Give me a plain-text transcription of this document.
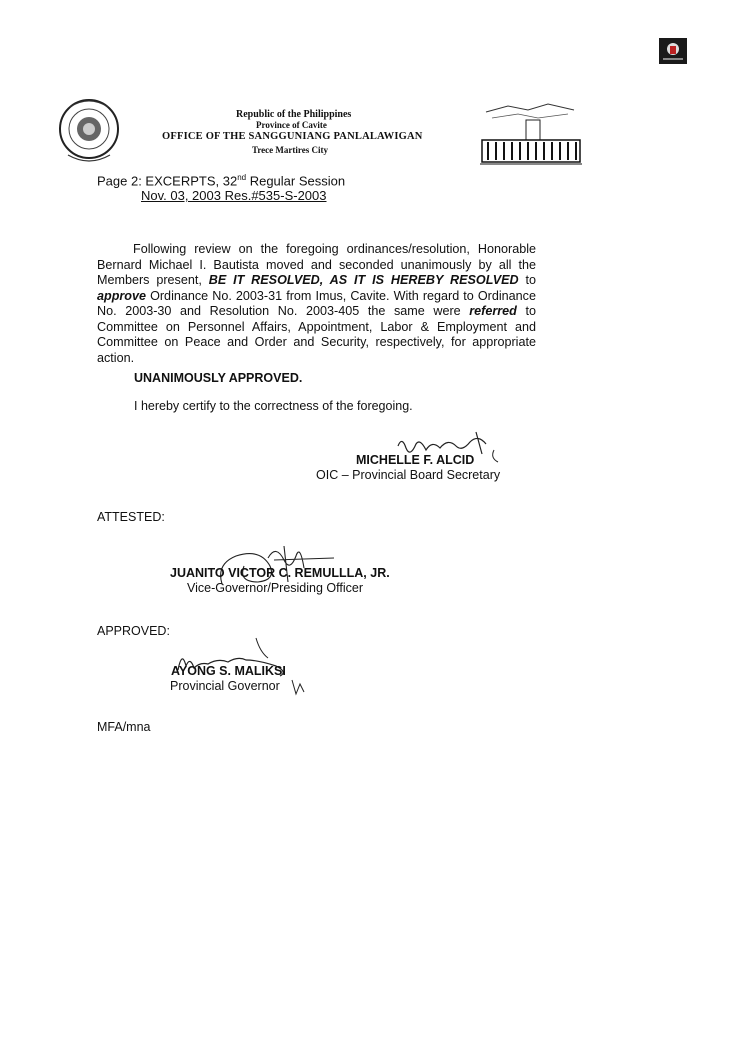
Republic of the Philippines
Province of Cavite
OFFICE OF THE SANGGUNIANG PANLALAWIGAN
Trece Martires City
Page 2: EXCERPTS, 32nd Regular Session
Nov. 03, 2003 Res.#535-S-2003
Following review on the foregoing ordinances/resolution, Honorable Bernard Michael I. Bautista moved and seconded unanimously by all the Members present, BE IT RESOLVED, AS IT IS HEREBY RESOLVED to approve Ordinance No. 2003-31 from Imus, Cavite. With regard to Ordinance No. 2003-30 and Resolution No. 2003-405 the same were referred to Committee on Personnel Affairs, Appointment, Labor & Employment and Committee on Peace and Order and Security, respectively, for appropriate action.
UNANIMOUSLY APPROVED.
I hereby certify to the correctness of the foregoing.
MICHELLE F. ALCID
OIC – Provincial Board Secretary
ATTESTED:
JUANITO VICTOR C. REMULLLA, JR.
Vice-Governor/Presiding Officer
APPROVED:
AYONG S. MALIKSI
Provincial Governor
MFA/mna
